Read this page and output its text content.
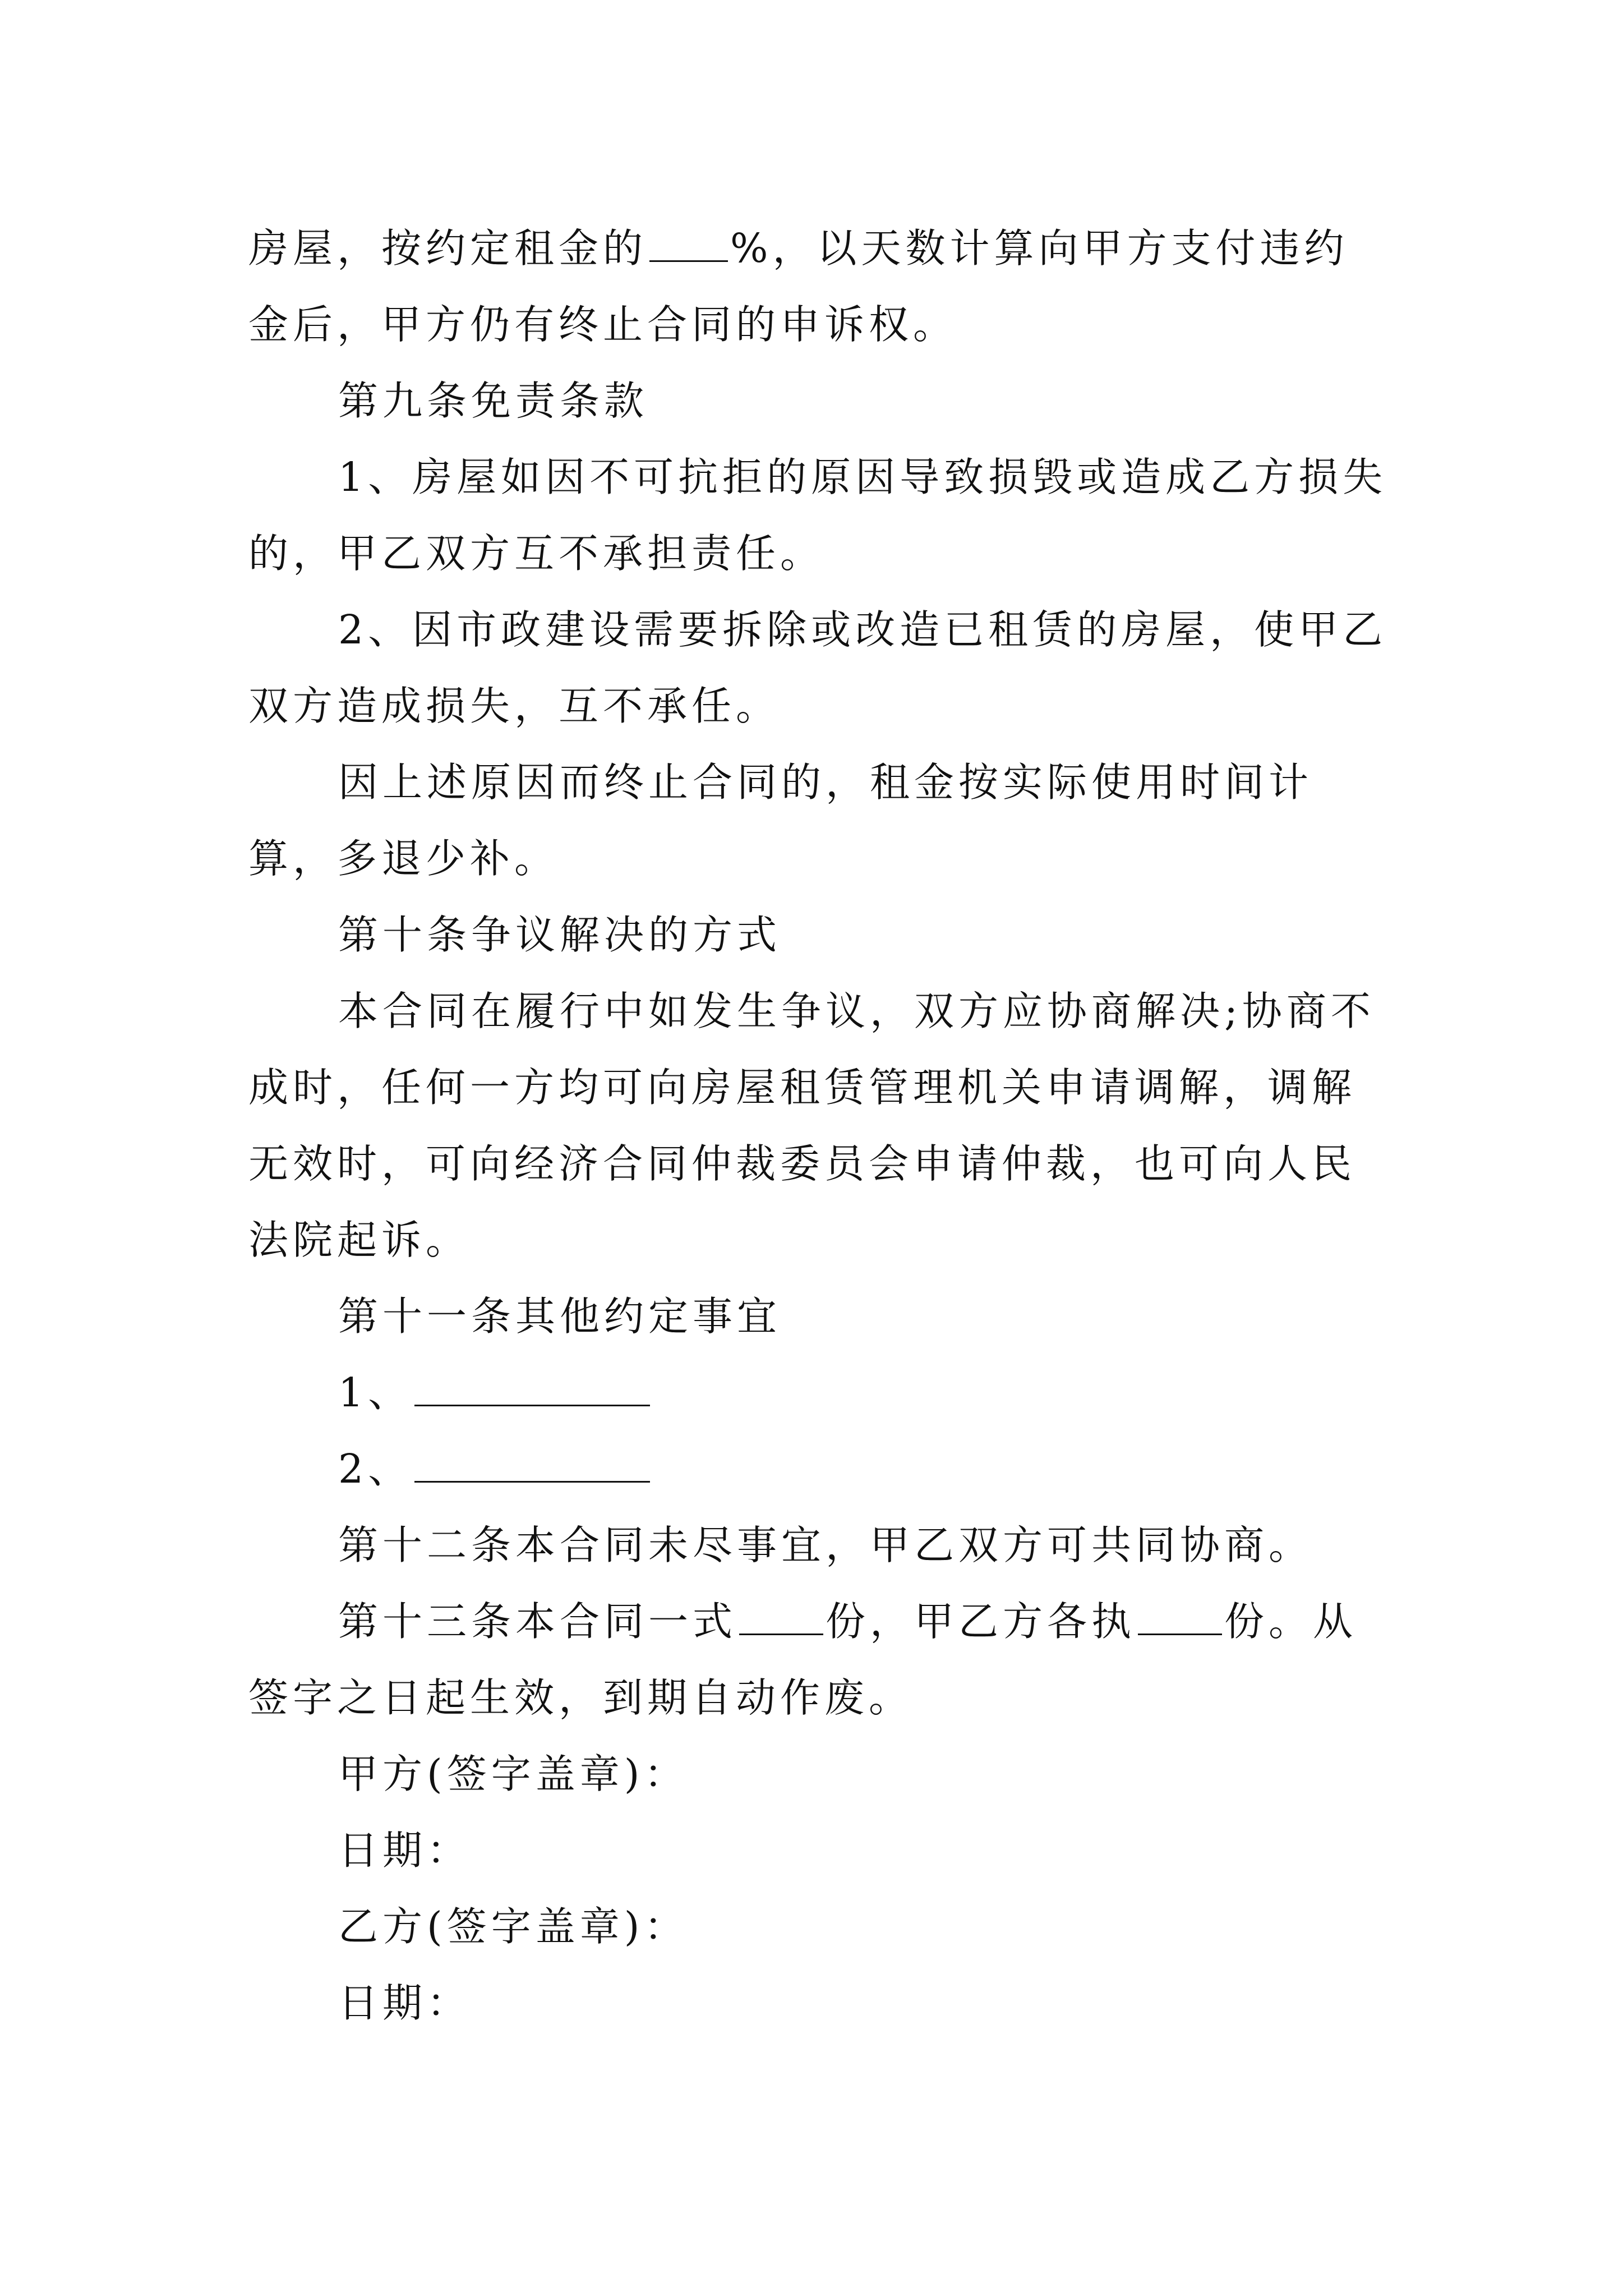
房屋，按约定租金的 %，以天数计算向甲方支付违约金后，甲方仍有终止合同的申诉权。

第九条免责条款

1、房屋如因不可抗拒的原因导致损毁或造成乙方损失的，甲乙双方互不承担责任。

2、因市政建设需要拆除或改造已租赁的房屋，使甲乙双方造成损失，互不承任。

因上述原因而终止合同的，租金按实际使用时间计算，多退少补。

第十条争议解决的方式

本合同在履行中如发生争议，双方应协商解决;协商不成时，任何一方均可向房屋租赁管理机关申请调解，调解无效时，可向经济合同仲裁委员会申请仲裁，也可向人民法院起诉。

第十一条其他约定事宜

1、

2、

第十二条本合同未尽事宜，甲乙双方可共同协商。

第十三条本合同一式 份，甲乙方各执 份。从签字之日起生效，到期自动作废。

甲方(签字盖章)：

日期：

乙方(签字盖章)：

日期：
